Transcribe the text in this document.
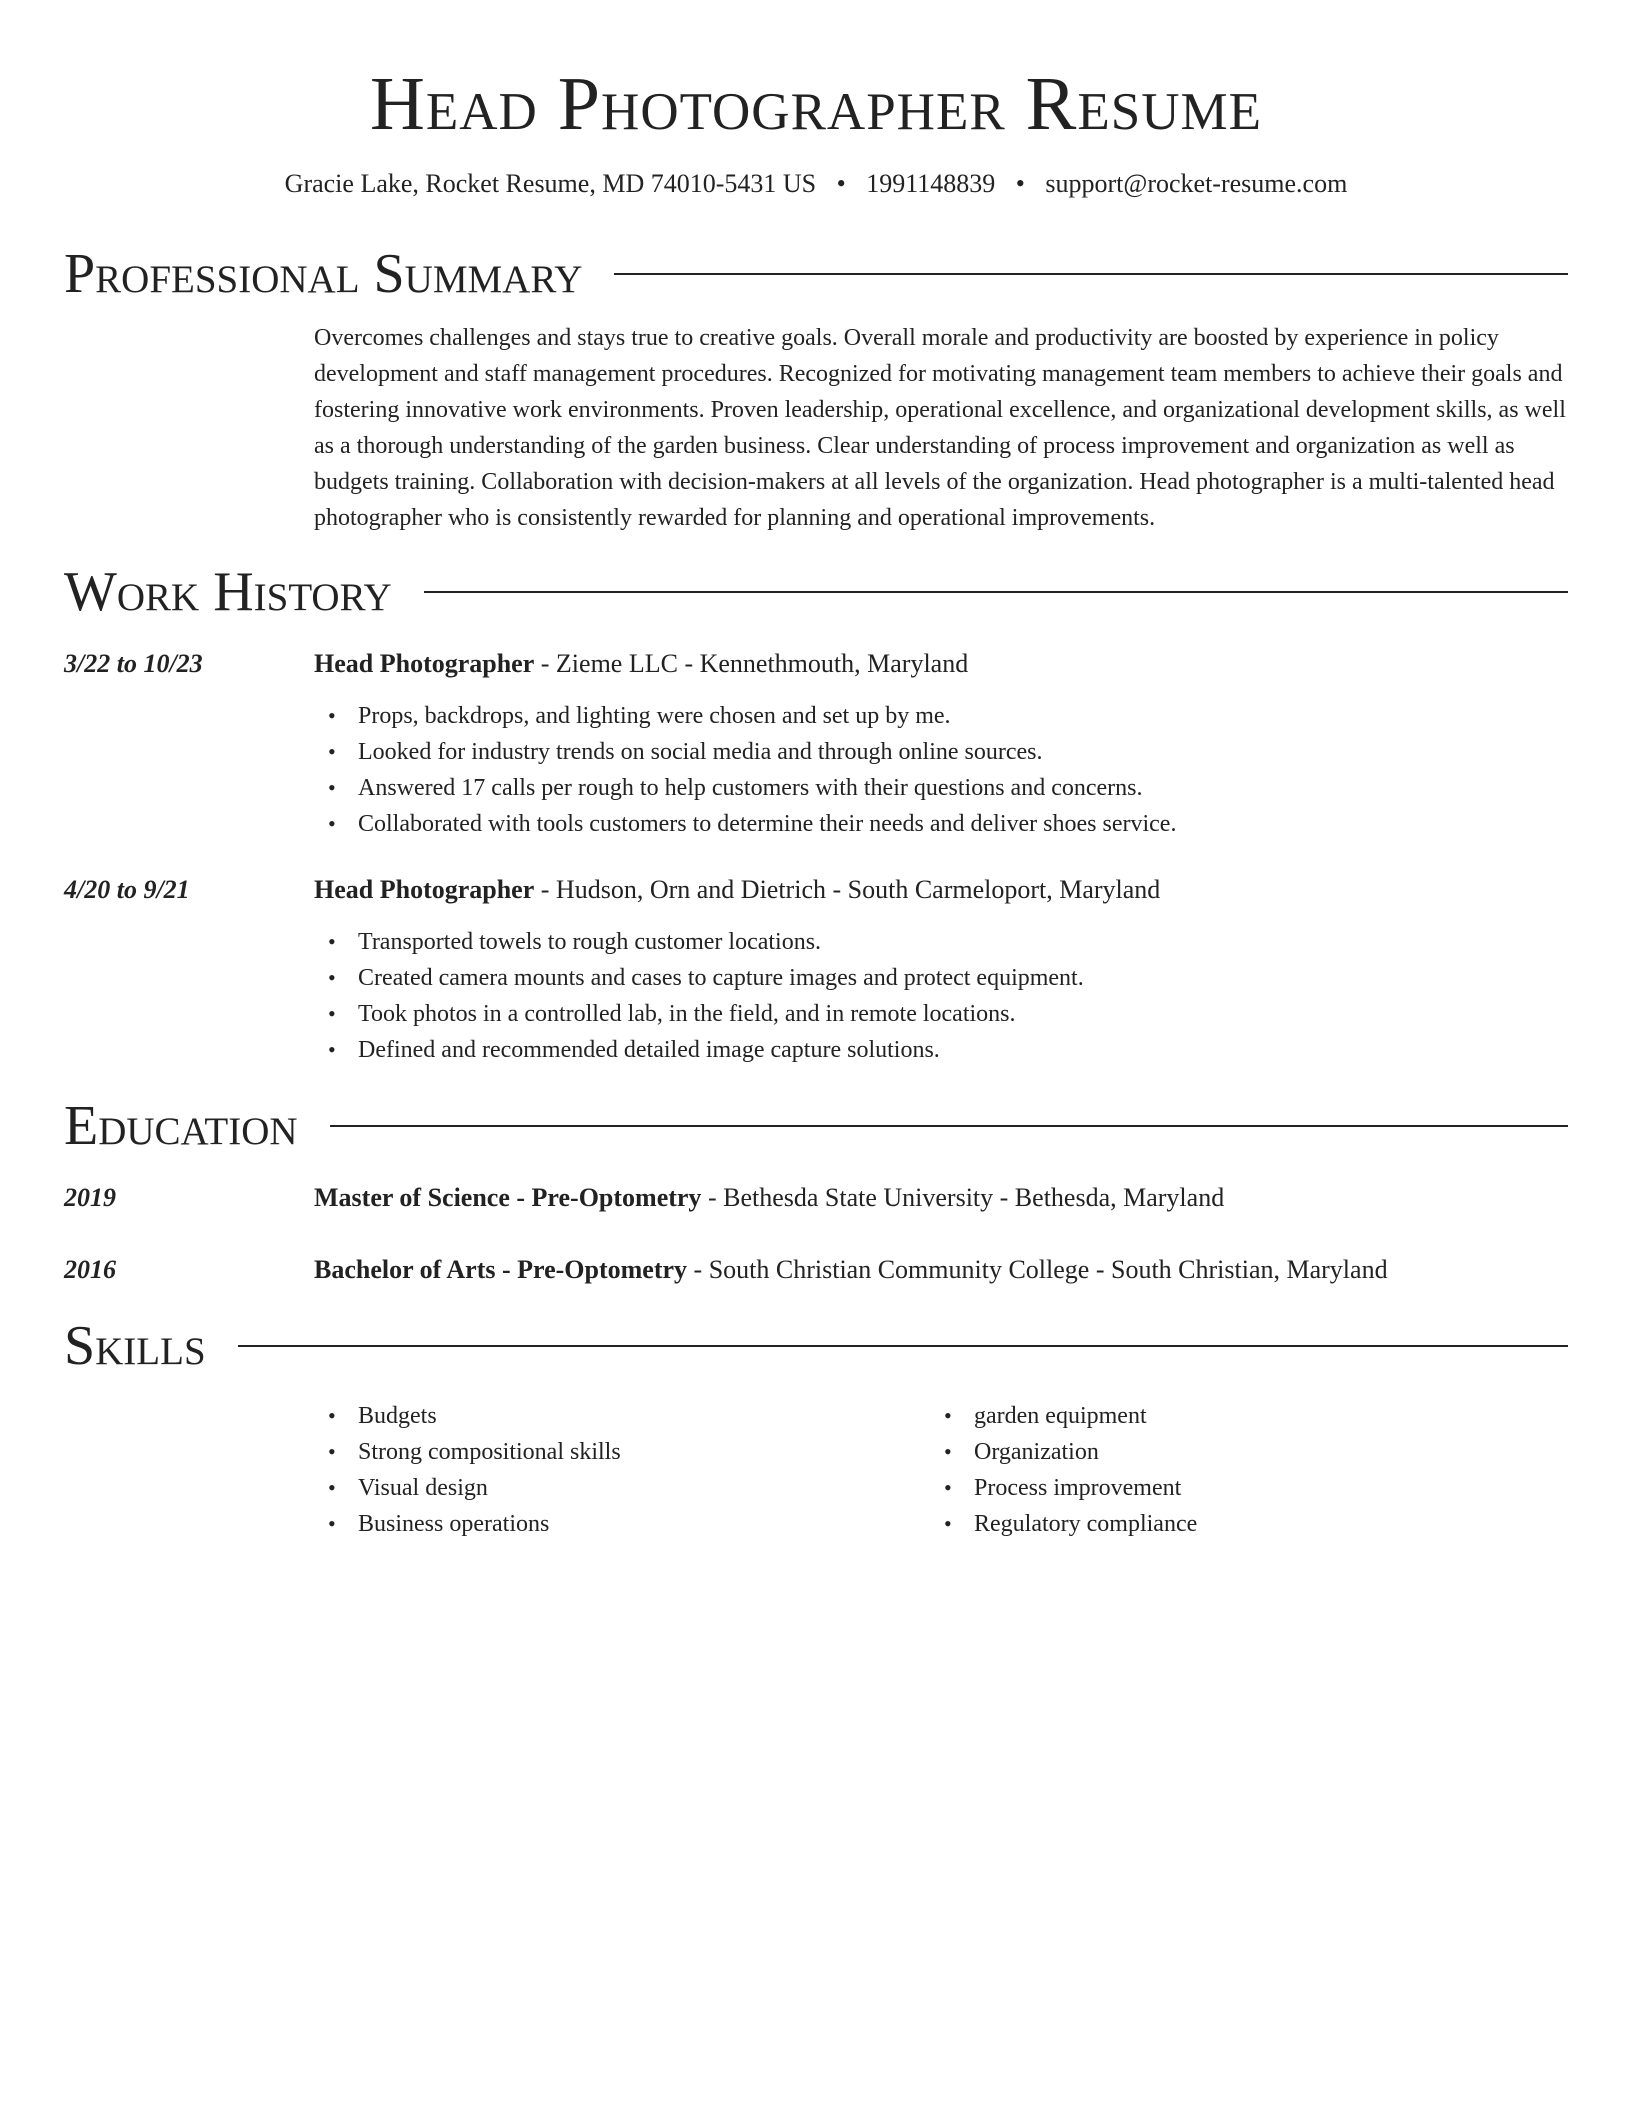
Head Photographer Resume
Gracie Lake, Rocket Resume, MD 74010-5431 US • 1991148839 • support@rocket-resume.com
Professional Summary

Overcomes challenges and stays true to creative goals. Overall morale and productivity are boosted by experience in policy development and staff management procedures. Recognized for motivating management team members to achieve their goals and fostering innovative work environments. Proven leadership, operational excellence, and organizational development skills, as well as a thorough understanding of the garden business. Clear understanding of process improvement and organization as well as budgets training. Collaboration with decision-makers at all levels of the organization. Head photographer is a multi-talented head photographer who is consistently rewarded for planning and operational improvements.

Work History
3/22 to 10/23	Head Photographer - Zieme LLC - Kennethmouth, Maryland
• Props, backdrops, and lighting were chosen and set up by me.
• Looked for industry trends on social media and through online sources.
• Answered 17 calls per rough to help customers with their questions and concerns.
• Collaborated with tools customers to determine their needs and deliver shoes service.
4/20 to 9/21	Head Photographer - Hudson, Orn and Dietrich - South Carmeloport, Maryland
• Transported towels to rough customer locations.
• Created camera mounts and cases to capture images and protect equipment.
• Took photos in a controlled lab, in the field, and in remote locations.
• Defined and recommended detailed image capture solutions.
Education
2019	Master of Science - Pre-Optometry - Bethesda State University - Bethesda, Maryland
2016	Bachelor of Arts - Pre-Optometry - South Christian Community College - South Christian, Maryland
Skills
• Budgets
• Strong compositional skills
• Visual design
• Business operations
• garden equipment
• Organization
• Process improvement
• Regulatory compliance
